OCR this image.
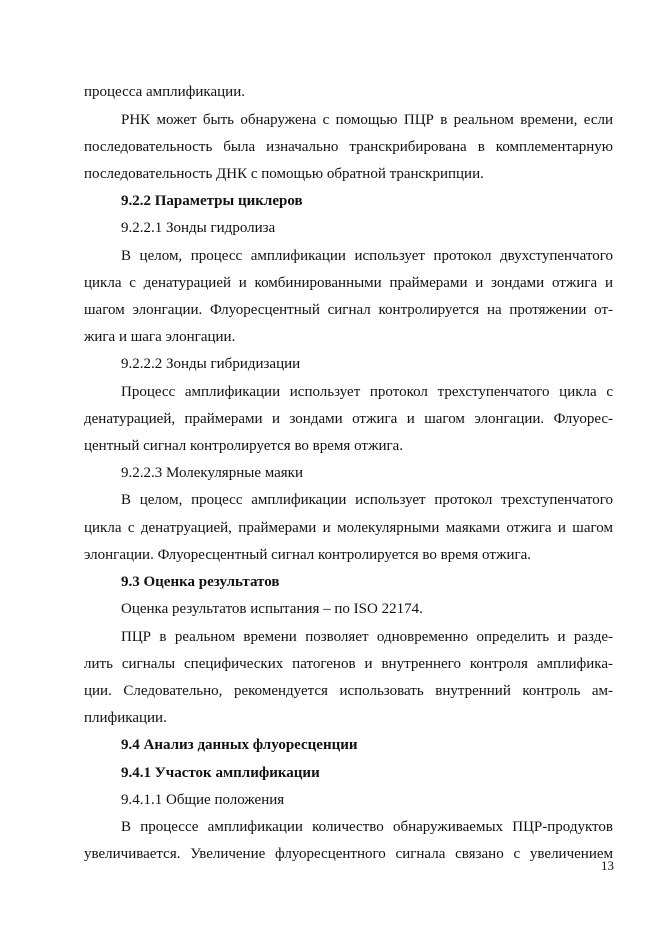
процесса амплификации.
РНК может быть обнаружена с помощью ПЦР в реальном времени, если
последовательность была изначально транскрибирована в комплементарную
последовательность ДНК с помощью обратной транскрипции.
9.2.2 Параметры циклеров
9.2.2.1 Зонды гидролиза
В целом, процесс амплификации использует протокол двухступенчатого
цикла с денатурацией и комбинированными праймерами и зондами отжига и
шагом элонгации. Флуоресцентный сигнал контролируется на протяжении от-
жига и шага элонгации.
9.2.2.2 Зонды гибридизации
Процесс амплификации использует протокол трехступенчатого цикла с
денатурацией, праймерами и зондами отжига и шагом элонгации. Флуорес-
центный сигнал контролируется во время отжига.
9.2.2.3 Молекулярные маяки
В целом, процесс амплификации использует протокол трехступенчатого
цикла с денатруацией, праймерами и молекулярными маяками отжига и шагом
элонгации. Флуоресцентный сигнал контролируется во время отжига.
9.3 Оценка результатов
Оценка результатов испытания – по ISO 22174.
ПЦР в реальном времени позволяет одновременно определить и разде-
лить сигналы специфических патогенов и внутреннего контроля амплифика-
ции. Следовательно, рекомендуется использовать внутренний контроль ам-
плификации.
9.4 Анализ данных флуоресценции
9.4.1 Участок амплификации
9.4.1.1 Общие положения
В процессе амплификации количество обнаруживаемых ПЦР-продуктов
увеличивается. Увеличение флуоресцентного сигнала связано с увеличением
13
